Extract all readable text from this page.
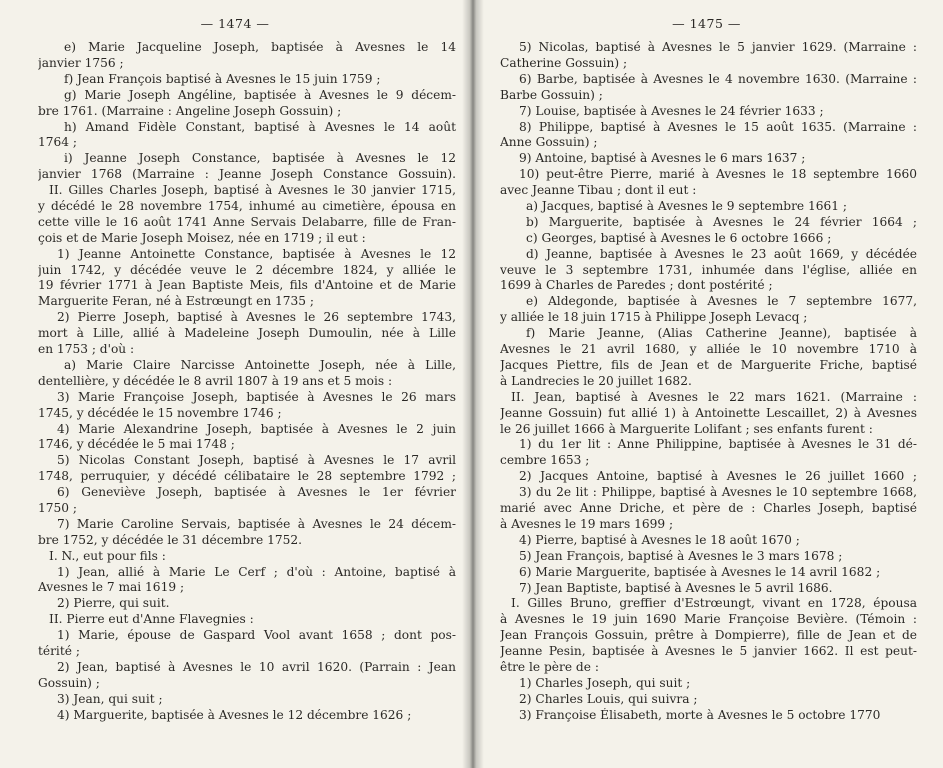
— 1474 —
e) Marie Jacqueline Joseph, baptisée à Avesnes le 14
janvier 1756 ;
f) Jean François baptisé à Avesnes le 15 juin 1759 ;
g) Marie Joseph Angéline, baptisée à Avesnes le 9 décem-
bre 1761. (Marraine : Angeline Joseph Gossuin) ;
h) Amand Fidèle Constant, baptisé à Avesnes le 14 août
1764 ;
i) Jeanne Joseph Constance, baptisée à Avesnes le 12
janvier 1768 (Marraine : Jeanne Joseph Constance Gossuin).
II. Gilles Charles Joseph, baptisé à Avesnes le 30 janvier 1715,
y décédé le 28 novembre 1754, inhumé au cimetière, épousa en
cette ville le 16 août 1741 Anne Servais Delabarre, fille de Fran-
çois et de Marie Joseph Moisez, née en 1719 ; il eut :
1) Jeanne Antoinette Constance, baptisée à Avesnes le 12
juin 1742, y décédée veuve le 2 décembre 1824, y alliée le
19 février 1771 à Jean Baptiste Meis, fils d'Antoine et de Marie
Marguerite Feran, né à Estrœungt en 1735 ;
2) Pierre Joseph, baptisé à Avesnes le 26 septembre 1743,
mort à Lille, allié à Madeleine Joseph Dumoulin, née à Lille
en 1753 ; d'où :
a) Marie Claire Narcisse Antoinette Joseph, née à Lille,
dentellière, y décédée le 8 avril 1807 à 19 ans et 5 mois :
3) Marie Françoise Joseph, baptisée à Avesnes le 26 mars
1745, y décédée le 15 novembre 1746 ;
4) Marie Alexandrine Joseph, baptisée à Avesnes le 2 juin
1746, y décédée le 5 mai 1748 ;
5) Nicolas Constant Joseph, baptisé à Avesnes le 17 avril
1748, perruquier, y décédé célibataire le 28 septembre 1792 ;
6) Geneviève Joseph, baptisée à Avesnes le 1er février
1750 ;
7) Marie Caroline Servais, baptisée à Avesnes le 24 décem-
bre 1752, y décédée le 31 décembre 1752.
I. N., eut pour fils :
1) Jean, allié à Marie Le Cerf ; d'où : Antoine, baptisé à
Avesnes le 7 mai 1619 ;
2) Pierre, qui suit.
II. Pierre eut d'Anne Flavegnies :
1) Marie, épouse de Gaspard Vool avant 1658 ; dont pos-
térité ;
2) Jean, baptisé à Avesnes le 10 avril 1620. (Parrain : Jean
Gossuin) ;
3) Jean, qui suit ;
4) Marguerite, baptisée à Avesnes le 12 décembre 1626 ;
— 1475 —
5) Nicolas, baptisé à Avesnes le 5 janvier 1629. (Marraine :
Catherine Gossuin) ;
6) Barbe, baptisée à Avesnes le 4 novembre 1630. (Marraine :
Barbe Gossuin) ;
7) Louise, baptisée à Avesnes le 24 février 1633 ;
8) Philippe, baptisé à Avesnes le 15 août 1635. (Marraine :
Anne Gossuin) ;
9) Antoine, baptisé à Avesnes le 6 mars 1637 ;
10) peut-être Pierre, marié à Avesnes le 18 septembre 1660
avec Jeanne Tibau ; dont il eut :
a) Jacques, baptisé à Avesnes le 9 septembre 1661 ;
b) Marguerite, baptisée à Avesnes le 24 février 1664 ;
c) Georges, baptisé à Avesnes le 6 octobre 1666 ;
d) Jeanne, baptisée à Avesnes le 23 août 1669, y décédée
veuve le 3 septembre 1731, inhumée dans l'église, alliée en
1699 à Charles de Paredes ; dont postérité ;
e) Aldegonde, baptisée à Avesnes le 7 septembre 1677,
y alliée le 18 juin 1715 à Philippe Joseph Levacq ;
f) Marie Jeanne, (Alias Catherine Jeanne), baptisée à
Avesnes le 21 avril 1680, y alliée le 10 novembre 1710 à
Jacques Piettre, fils de Jean et de Marguerite Friche, baptisé
à Landrecies le 20 juillet 1682.
II. Jean, baptisé à Avesnes le 22 mars 1621. (Marraine :
Jeanne Gossuin) fut allié 1) à Antoinette Lescaillet, 2) à Avesnes
le 26 juillet 1666 à Marguerite Lolifant ; ses enfants furent :
1) du 1er lit : Anne Philippine, baptisée à Avesnes le 31 dé-
cembre 1653 ;
2) Jacques Antoine, baptisé à Avesnes le 26 juillet 1660 ;
3) du 2e lit : Philippe, baptisé à Avesnes le 10 septembre 1668,
marié avec Anne Driche, et père de : Charles Joseph, baptisé
à Avesnes le 19 mars 1699 ;
4) Pierre, baptisé à Avesnes le 18 août 1670 ;
5) Jean François, baptisé à Avesnes le 3 mars 1678 ;
6) Marie Marguerite, baptisée à Avesnes le 14 avril 1682 ;
7) Jean Baptiste, baptisé à Avesnes le 5 avril 1686.
I. Gilles Bruno, greffier d'Estrœungt, vivant en 1728, épousa
à Avesnes le 19 juin 1690 Marie Françoise Bevière. (Témoin :
Jean François Gossuin, prêtre à Dompierre), fille de Jean et de
Jeanne Pesin, baptisée à Avesnes le 5 janvier 1662. Il est peut-
être le père de :
1) Charles Joseph, qui suit ;
2) Charles Louis, qui suivra ;
3) Françoise Élisabeth, morte à Avesnes le 5 octobre 1770
